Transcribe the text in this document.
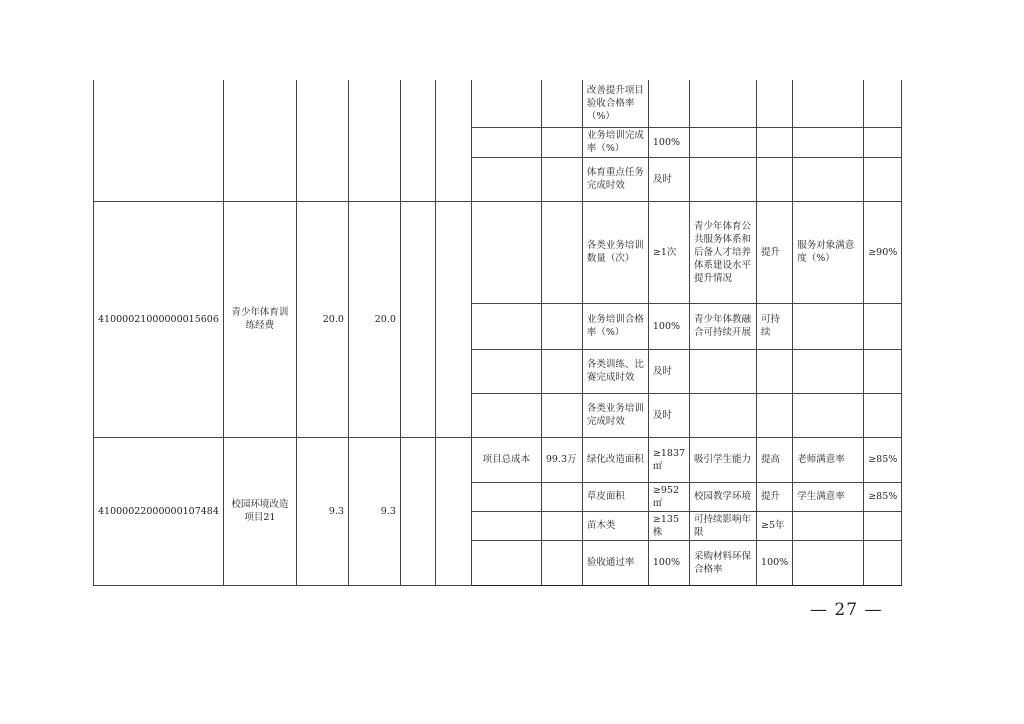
								改善提升项目验收合格率（%）					
								业务培训完成率（%）	100%				
								体育重点任务完成时效	及时				
41000021000000015606	青少年体育训练经费	20.0	20.0					各类业务培训数量（次）	≥1次	青少年体育公共服务体系和后备人才培养体系建设水平提升情况	提升	服务对象满意度（%）	≥90%
								业务培训合格率（%）	100%	青少年体教融合可持续开展	可持续		
								各类训练、比赛完成时效	及时				
								各类业务培训完成时效	及时				
41000022000000107484	校园环境改造项目21	9.3	9.3			项目总成本	99.3万	绿化改造面积	≥1837㎡	吸引学生能力	提高	老师满意率	≥85%
								草皮面积	≥952㎡	校园教学环境	提升	学生满意率	≥85%
								苗木类	≥135株	可持续影响年限	≥5年		
								验收通过率	100%	采购材料环保合格率	100%		
— 27 —
